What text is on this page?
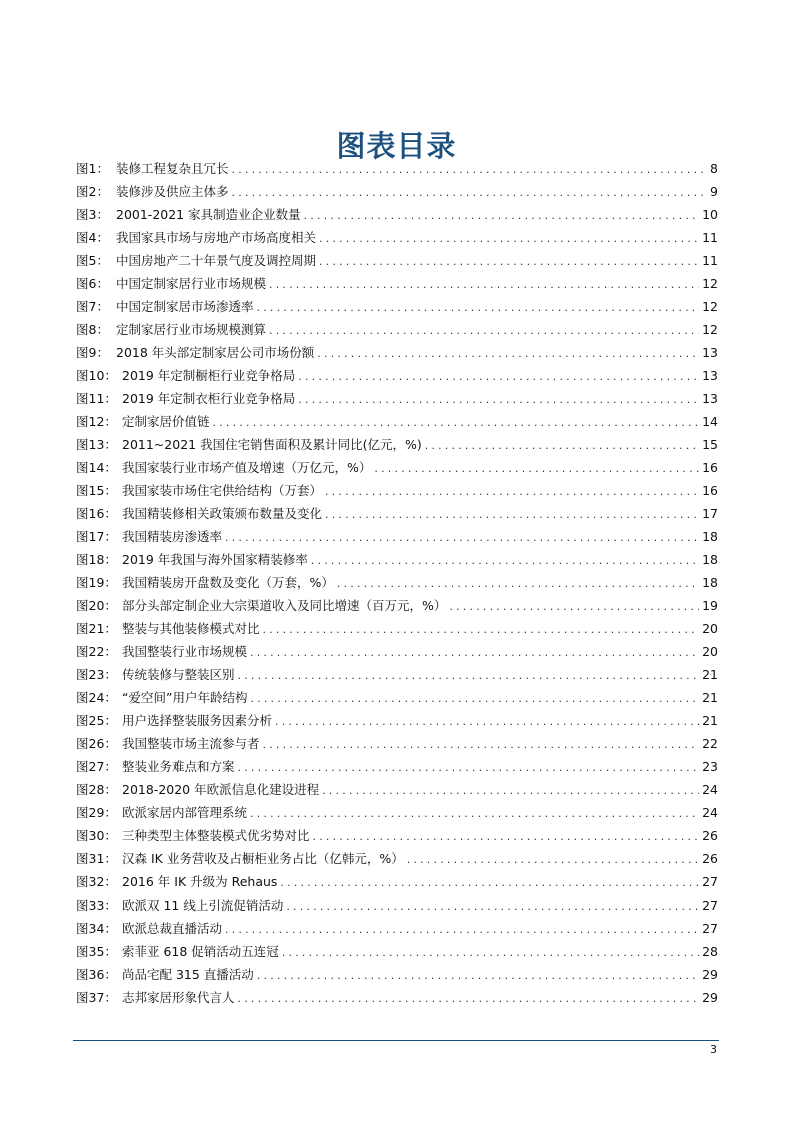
图表目录
图1： 装修工程复杂且冗长 .....	8
图2： 装修涉及供应主体多 .....	9
图3： 2001-2021 家具制造业企业数量 .....	10
图4： 我国家具市场与房地产市场高度相关 .....	11
图5： 中国房地产二十年景气度及调控周期 .....	11
图6： 中国定制家居行业市场规模 .....	12
图7： 中国定制家居市场渗透率 .....	12
图8： 定制家居行业市场规模测算 .....	12
图9： 2018 年头部定制家居公司市场份额 .....	13
图10： 2019 年定制橱柜行业竞争格局 .....	13
图11： 2019 年定制衣柜行业竞争格局 .....	13
图12： 定制家居价值链 .....	14
图13： 2011~2021 我国住宅销售面积及累计同比(亿元，%) .....	15
图14： 我国家装行业市场产值及增速（万亿元，%） .....	16
图15： 我国家装市场住宅供给结构（万套） .....	16
图16： 我国精装修相关政策颁布数量及变化 .....	17
图17： 我国精装房渗透率 .....	18
图18： 2019 年我国与海外国家精装修率 .....	18
图19： 我国精装房开盘数及变化（万套，%） .....	18
图20： 部分头部定制企业大宗渠道收入及同比增速（百万元，%） .....	19
图21： 整装与其他装修模式对比 .....	20
图22： 我国整装行业市场规模 .....	20
图23： 传统装修与整装区别 .....	21
图24： “爱空间”用户年龄结构 .....	21
图25： 用户选择整装服务因素分析 .....	21
图26： 我国整装市场主流参与者 .....	22
图27： 整装业务难点和方案 .....	23
图28： 2018-2020 年欧派信息化建设进程 .....	24
图29： 欧派家居内部管理系统 .....	24
图30： 三种类型主体整装模式优劣势对比 .....	26
图31： 汉森 IK 业务营收及占橱柜业务占比（亿韩元，%） .....	26
图32： 2016 年 IK 升级为 Rehaus .....	27
图33： 欧派双 11 线上引流促销活动 .....	27
图34： 欧派总裁直播活动 .....	27
图35： 索菲亚 618 促销活动五连冠 .....	28
图36： 尚品宅配 315 直播活动 .....	29
图37： 志邦家居形象代言人 .....	29
3
